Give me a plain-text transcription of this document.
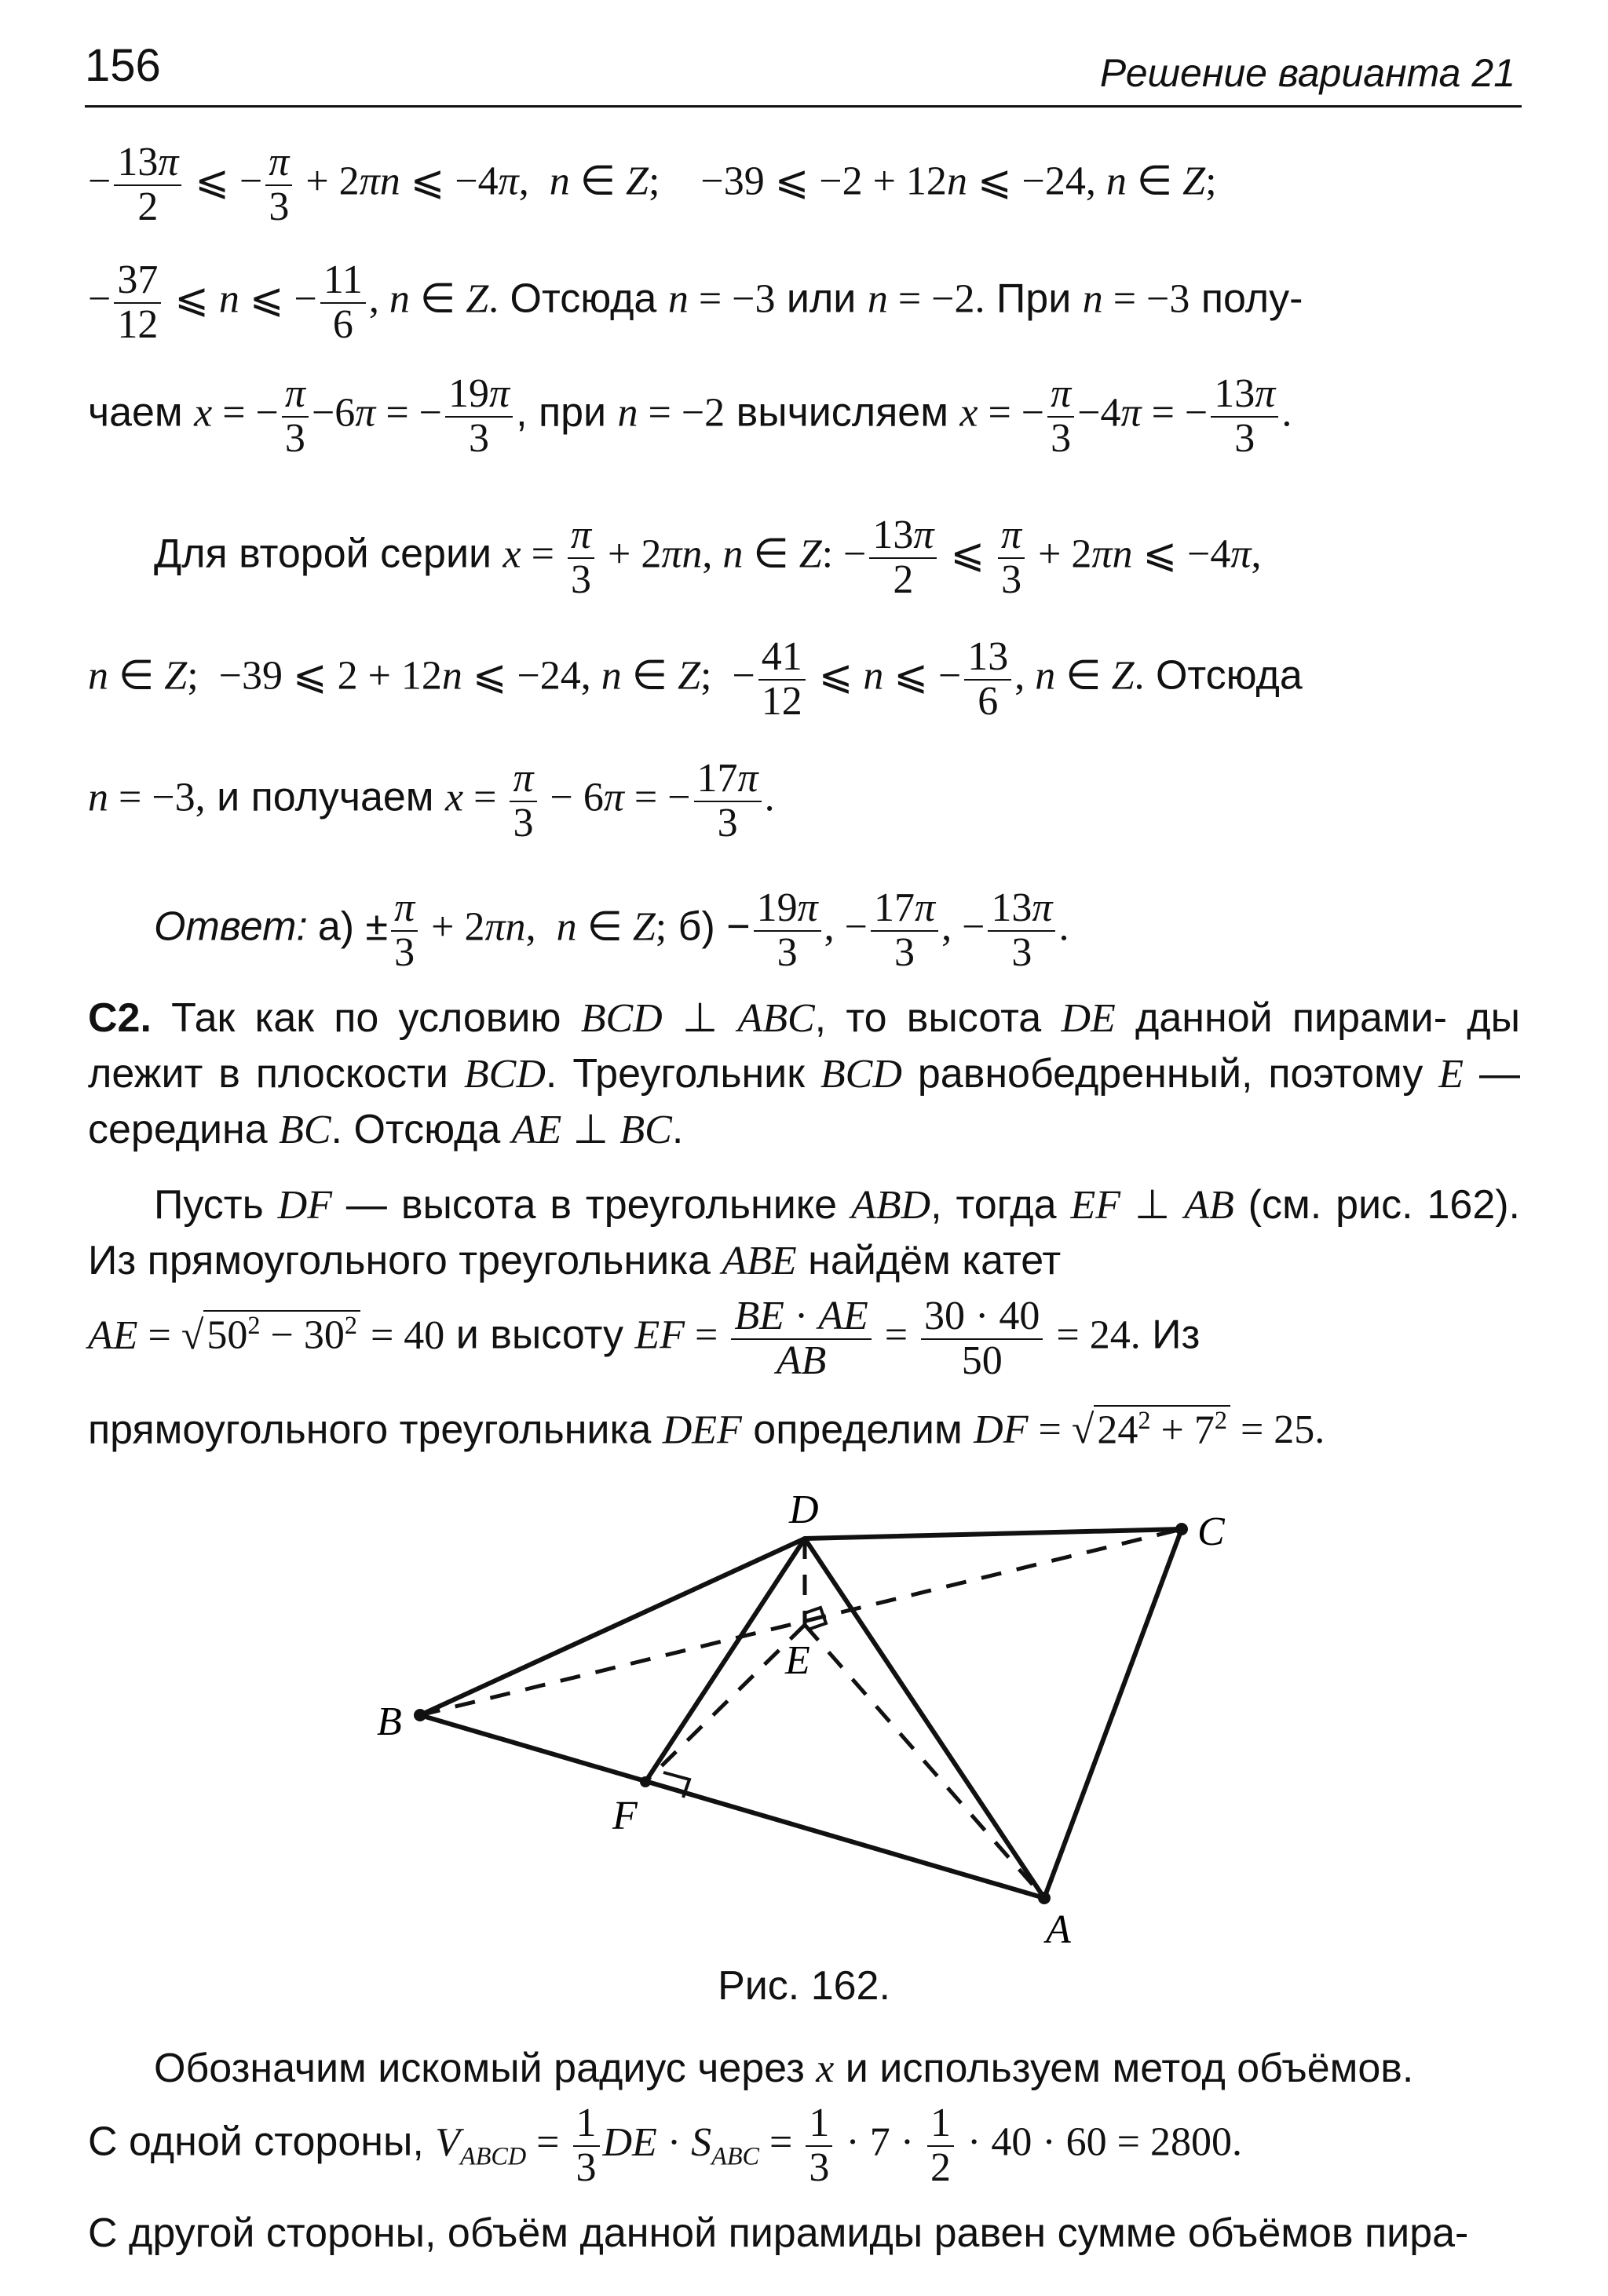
156	Решение варианта 21
− $\frac{13\pi}{2}$ ⩽ − $\frac{\pi}{3} + 2\pi n$ ⩽ −4π,  n ∈ Z;    −39 ⩽ −2 + 12n ⩽ −24, n ∈ Z;
− $\frac{37}{12}$ ⩽ n ⩽ − $\frac{11}{6}$ , n ∈ Z. Отсюда n = −3 или n = −2. При n = −3 полу-
чаем x = − $\frac{\pi}{3} -6\pi$ = − $\frac{19\pi}{3}$ , при n = −2 вычисляем x = − $\frac{\pi}{3} -4\pi$ = − $\frac{13\pi}{3}$ .
Для второй серии $x = \frac{\pi}{3} + 2\pi n$, n ∈ Z: − $\frac{13\pi}{2}$ ⩽ $\frac{\pi}{3} + 2\pi n$ ⩽ −4π,
n ∈ Z;  −39 ⩽ 2 + 12n ⩽ −24, n ∈ Z;  − $\frac{41}{12}$ ⩽ n ⩽ − $\frac{13}{6}$ , n ∈ Z. Отсюда
n = −3, и получаем $x = \frac{\pi}{3} - 6\pi$ = − $\frac{17\pi}{3}$ .
Ответ: $а) \pm \frac{\pi}{3} + 2\pi n$,  n ∈ Z; $б) - \frac{19\pi}{3}$ , − $\frac{17\pi}{3}$ , − $\frac{13\pi}{3}$ .
C2. Так как по условию BCD ⊥ ABC, то высота DE данной пирами- ды лежит в плоскости BCD. Треугольник BCD равнобедренный, поэтому E — середина BC. Отсюда AE ⊥ BC.
Пусть DF — высота в треугольнике ABD, тогда EF ⊥ AB (см. рис. 162). Из прямоугольного треугольника ABE найдём катет
AE = $√50^2 - 30^2 = 40$ и высоту EF = $\frac{BE \cdot AE}{AB} = \frac{30 \cdot 40}{50} = 24$. Из
прямоугольного треугольника DEF определим DF = $√24^2 + 7^2 = 25$.
D	C
E
B
F
A
Рис. 162.
Обозначим искомый радиус через x и используем метод объёмов.
С одной стороны, $V_{ABCD} = \frac{1}{3}$ DE · $S_{ABC} = \frac{1}{3} \cdot 7 \cdot \frac{1}{2} \cdot 40 \cdot 60 = 2800$.
С другой стороны, объём данной пирамиды равен сумме объёмов пира-
